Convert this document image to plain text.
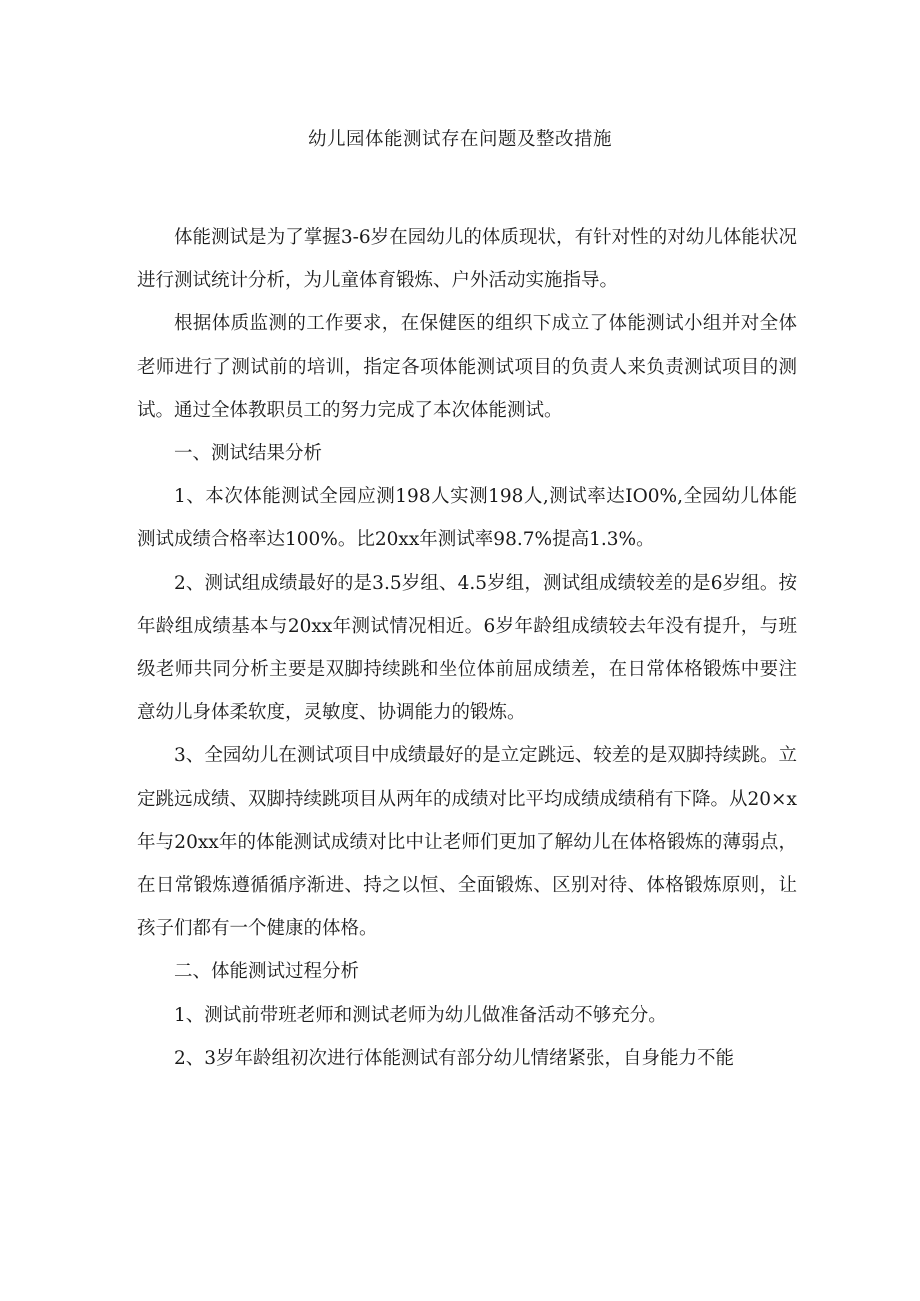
幼儿园体能测试存在问题及整改措施

体能测试是为了掌握3-6岁在园幼儿的体质现状，有针对性的对幼儿体能状况进行测试统计分析，为儿童体育锻炼、户外活动实施指导。

根据体质监测的工作要求，在保健医的组织下成立了体能测试小组并对全体老师进行了测试前的培训，指定各项体能测试项目的负责人来负责测试项目的测试。通过全体教职员工的努力完成了本次体能测试。

一、测试结果分析

1、本次体能测试全园应测198人实测198人,测试率达IO0%,全园幼儿体能测试成绩合格率达100%。比20xx年测试率98.7%提高1.3%。

2、测试组成绩最好的是3.5岁组、4.5岁组，测试组成绩较差的是6岁组。按年龄组成绩基本与20xx年测试情况相近。6岁年龄组成绩较去年没有提升，与班级老师共同分析主要是双脚持续跳和坐位体前屈成绩差，在日常体格锻炼中要注意幼儿身体柔软度，灵敏度、协调能力的锻炼。

3、全园幼儿在测试项目中成绩最好的是立定跳远、较差的是双脚持续跳。立定跳远成绩、双脚持续跳项目从两年的成绩对比平均成绩成绩稍有下降。从20×x年与20xx年的体能测试成绩对比中让老师们更加了解幼儿在体格锻炼的薄弱点，在日常锻炼遵循循序渐进、持之以恒、全面锻炼、区别对待、体格锻炼原则，让孩子们都有一个健康的体格。

二、体能测试过程分析

1、测试前带班老师和测试老师为幼儿做准备活动不够充分。

2、3岁年龄组初次进行体能测试有部分幼儿情绪紧张，自身能力不能
